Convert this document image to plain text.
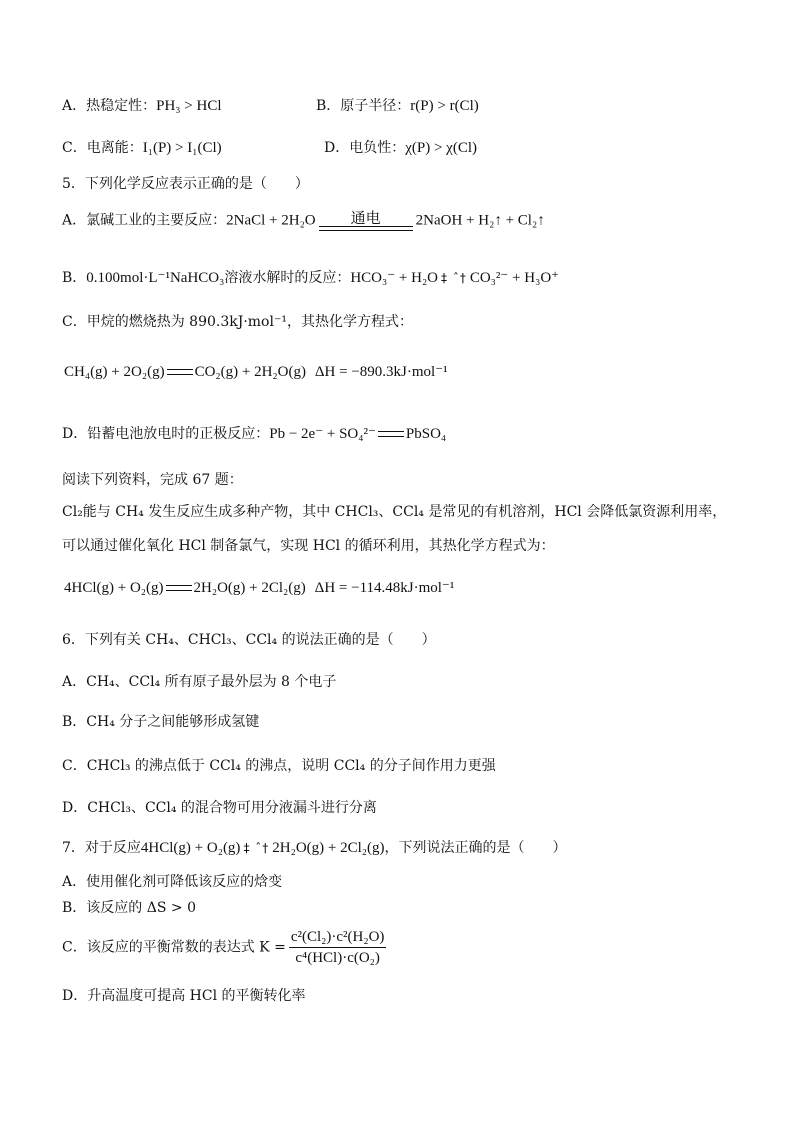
A．热稳定性：PH₃ > HCl	B．原子半径：r(P) > r(Cl)
C．电离能：I₁(P) > I₁(Cl)	D．电负性：χ(P) > χ(Cl)
5．下列化学反应表示正确的是（　　）
A．氯碱工业的主要反应：2NaCl + 2H₂O 通电 2NaOH + H₂↑ + Cl₂↑
B．0.100mol·L⁻¹NaHCO₃溶液水解时的反应：HCO₃⁻ + H₂O ‡ ˆ† CO₃²⁻ + H₃O⁺
C．甲烷的燃烧热为 890.3kJ·mol⁻¹，其热化学方程式：
CH₄(g) + 2O₂(g) CO₂(g) + 2H₂O(g) ΔH = −890.3kJ·mol⁻¹
D．铅蓄电池放电时的正极反应：Pb − 2e⁻ + SO₄²⁻ PbSO₄
阅读下列资料，完成 67 题：
Cl₂能与 CH₄ 发生反应生成多种产物，其中 CHCl₃、CCl₄ 是常见的有机溶剂，HCl 会降低氯资源利用率，
可以通过催化氧化 HCl 制备氯气，实现 HCl 的循环利用，其热化学方程式为：
4HCl(g) + O₂(g) 2H₂O(g) + 2Cl₂(g) ΔH = −114.48kJ·mol⁻¹
6．下列有关 CH₄、CHCl₃、CCl₄ 的说法正确的是（　　）
A．CH₄、CCl₄ 所有原子最外层为 8 个电子
B．CH₄ 分子之间能够形成氢键
C．CHCl₃ 的沸点低于 CCl₄ 的沸点，说明 CCl₄ 的分子间作用力更强
D．CHCl₃、CCl₄ 的混合物可用分液漏斗进行分离
7．对于反应4HCl(g) + O₂(g) ‡ ˆ† 2H₂O(g) + 2Cl₂(g)，下列说法正确的是（　　）
A．使用催化剂可降低该反应的焓变
B．该反应的 ΔS > 0
C．该反应的平衡常数的表达式 $K = \frac{\text{c²(Cl₂)·c²(H₂O)}}{\text{c⁴(HCl)·c(O₂)}}$
D．升高温度可提高 HCl 的平衡转化率
